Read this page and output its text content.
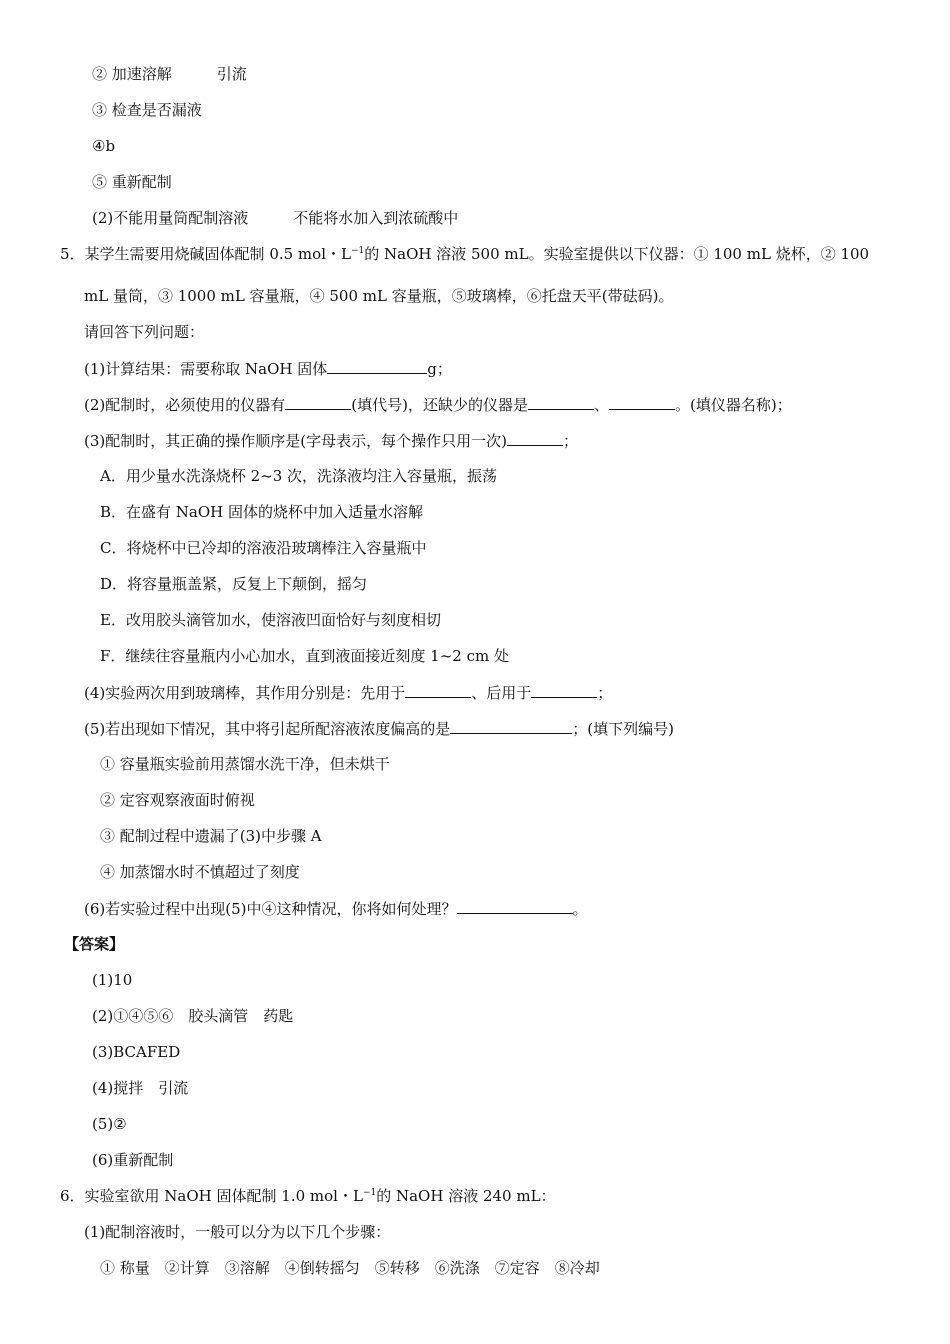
② 加速溶解　　　引流
③ 检查是否漏液
④b
⑤ 重新配制
(2)不能用量筒配制溶液　　　不能将水加入到浓硫酸中
5．某学生需要用烧碱固体配制 0.5 mol・$L^{-1}$的 NaOH 溶液 500 mL。实验室提供以下仪器：① 100 mL 烧杯，② 100
mL 量筒，③ 1000 mL 容量瓶，④ 500 mL 容量瓶，⑤玻璃棒，⑥托盘天平(带砝码)。
请回答下列问题：
(1)计算结果：需要称取 NaOH 固体	g；
(2)配制时，必须使用的仪器有	(填代号)，还缺少的仪器是	、	。(填仪器名称)；
(3)配制时，其正确的操作顺序是(字母表示，每个操作只用一次)	；
A．用少量水洗涤烧杯 2~3 次，洗涤液均注入容量瓶，振荡
B．在盛有 NaOH 固体的烧杯中加入适量水溶解
C．将烧杯中已冷却的溶液沿玻璃棒注入容量瓶中
D．将容量瓶盖紧，反复上下颠倒，摇匀
E．改用胶头滴管加水，使溶液凹面恰好与刻度相切
F．继续往容量瓶内小心加水，直到液面接近刻度 1~2 cm 处
(4)实验两次用到玻璃棒，其作用分别是：先用于	、后用于	；
(5)若出现如下情况，其中将引起所配溶液浓度偏高的是	；(填下列编号)
① 容量瓶实验前用蒸馏水洗干净，但未烘干
② 定容观察液面时俯视
③ 配制过程中遗漏了(3)中步骤 A
④ 加蒸馏水时不慎超过了刻度
(6)若实验过程中出现(5)中④这种情况，你将如何处理？	。
【答案】
(1)10
(2)①④⑤⑥　胶头滴管　药匙
(3)BCAFED
(4)搅拌　引流
(5)②
(6)重新配制
6．实验室欲用 NaOH 固体配制 1.0 mol・$L^{-1}$的 NaOH 溶液 240 mL：
(1)配制溶液时，一般可以分为以下几个步骤：
① 称量　②计算　③溶解　④倒转摇匀　⑤转移　⑥洗涤　⑦定容　⑧冷却
